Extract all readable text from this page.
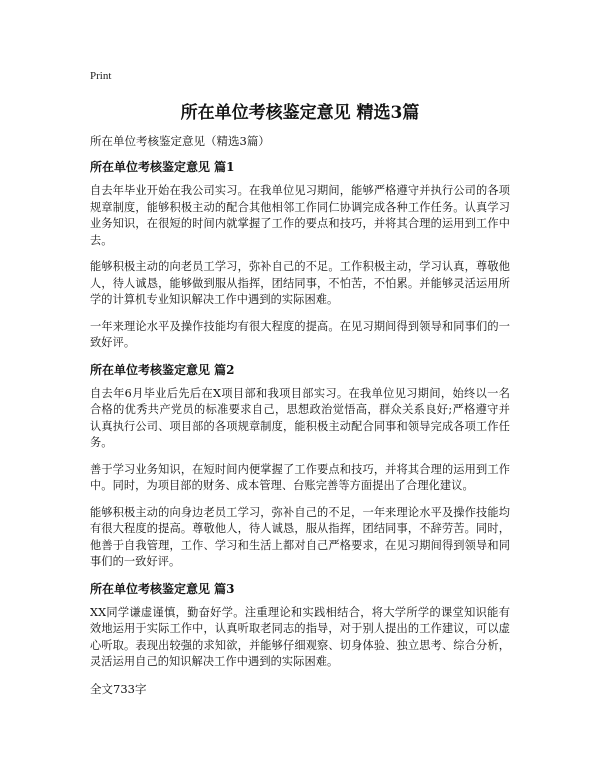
Print
所在单位考核鉴定意见 精选3篇

所在单位考核鉴定意见（精选3篇）

所在单位考核鉴定意见 篇1

自去年毕业开始在我公司实习。在我单位见习期间，能够严格遵守并执行公司的各项规章制度，能够积极主动的配合其他相邻工作同仁协调完成各种工作任务。认真学习业务知识，在很短的时间内就掌握了工作的要点和技巧，并将其合理的运用到工作中去。

能够积极主动的向老员工学习，弥补自己的不足。工作积极主动，学习认真，尊敬他人，待人诚恳，能够做到服从指挥，团结同事，不怕苦，不怕累。并能够灵活运用所学的计算机专业知识解决工作中遇到的实际困难。

一年来理论水平及操作技能均有很大程度的提高。在见习期间得到领导和同事们的一致好评。

所在单位考核鉴定意见 篇2

自去年6月毕业后先后在X项目部和我项目部实习。在我单位见习期间，始终以一名合格的优秀共产党员的标准要求自己，思想政治觉悟高，群众关系良好;严格遵守并认真执行公司、项目部的各项规章制度，能积极主动配合同事和领导完成各项工作任务。

善于学习业务知识，在短时间内便掌握了工作要点和技巧，并将其合理的运用到工作中。同时，为项目部的财务、成本管理、台账完善等方面提出了合理化建议。

能够积极主动的向身边老员工学习，弥补自己的不足，一年来理论水平及操作技能均有很大程度的提高。尊敬他人，待人诚恳，服从指挥，团结同事，不辞劳苦。同时，他善于自我管理，工作、学习和生活上都对自己严格要求，在见习期间得到领导和同事们的一致好评。

所在单位考核鉴定意见 篇3

XX同学谦虚谨慎，勤奋好学。注重理论和实践相结合，将大学所学的课堂知识能有效地运用于实际工作中，认真听取老同志的指导，对于别人提出的工作建议，可以虚心听取。表现出较强的求知欲，并能够仔细观察、切身体验、独立思考、综合分析，灵活运用自己的知识解决工作中遇到的实际困难。

全文733字
